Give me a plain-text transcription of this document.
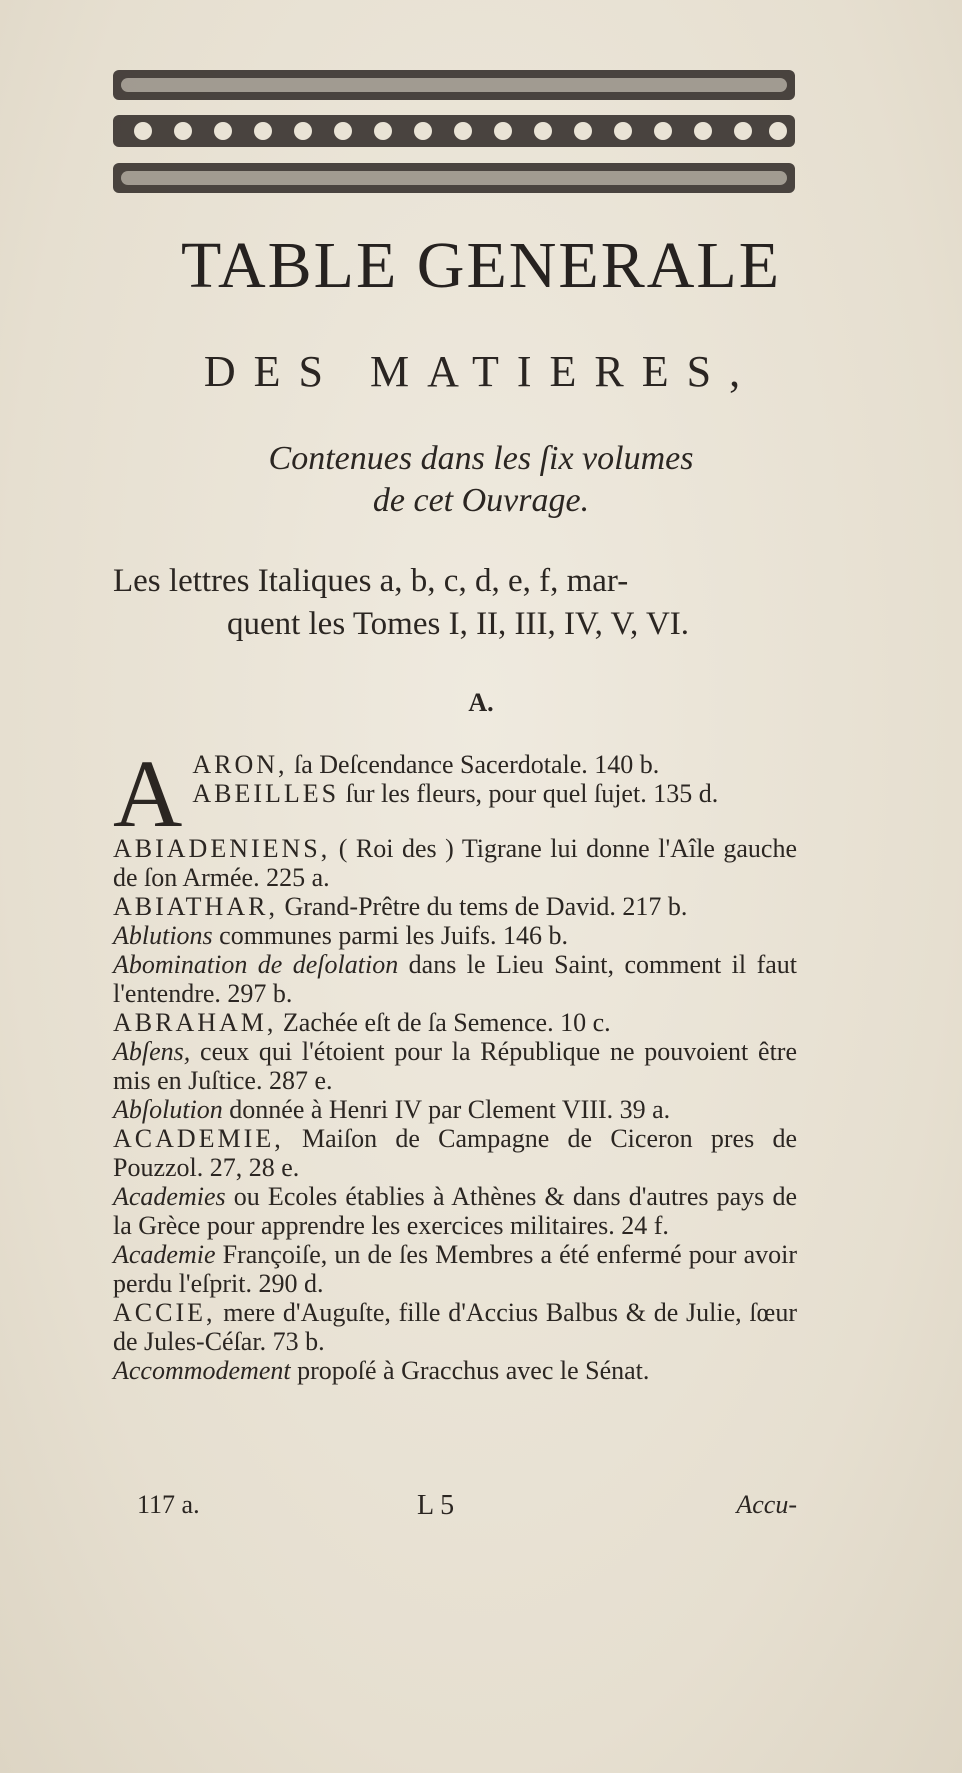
TABLE GENERALE
DES MATIERES,
Contenues dans les ſix volumes
de cet Ouvrage.
Les lettres Italiques a, b, c, d, e, f, mar-
quent les Tomes I, II, III, IV, V, VI.
A.
A ARON, ſa Deſcendance Sacerdotale. 140 b.
ABEILLES ſur les fleurs, pour quel ſujet. 135 d.
ABIADENIENS, ( Roi des ) Tigrane lui donne l'Aîle gauche de ſon Armée. 225 a.
ABIATHAR, Grand-Prêtre du tems de David. 217 b.
Ablutions communes parmi les Juifs. 146 b.
Abomination de deſolation dans le Lieu Saint, comment il faut l'entendre. 297 b.
ABRAHAM, Zachée eſt de ſa Semence. 10 c.
Abſens, ceux qui l'étoient pour la République ne pouvoient être mis en Juſtice. 287 e.
Abſolution donnée à Henri IV par Clement VIII. 39 a.
ACADEMIE, Maiſon de Campagne de Ciceron pres de Pouzzol. 27, 28 e.
Academies ou Ecoles établies à Athènes & dans d'autres pays de la Grèce pour apprendre les exercices militaires. 24 f.
Academie Françoiſe, un de ſes Membres a été enfermé pour avoir perdu l'eſprit. 290 d.
ACCIE, mere d'Auguſte, fille d'Accius Balbus & de Julie, ſœur de Jules-Céſar. 73 b.
Accommodement propoſé à Gracchus avec le Sénat.
117 a.	L 5	Accu-
